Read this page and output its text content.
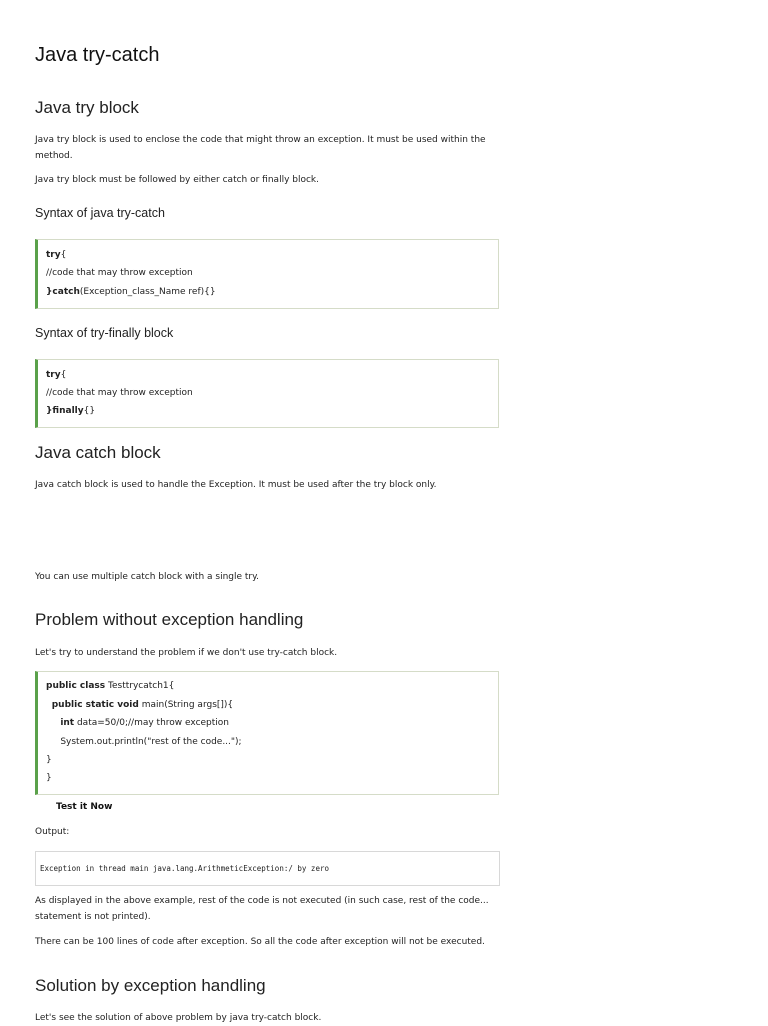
Java try-catch
Java try block
Java try block is used to enclose the code that might throw an exception. It must be used within the method.
Java try block must be followed by either catch or finally block.
Syntax of java try-catch
try{
//code that may throw exception
}catch(Exception_class_Name ref){}
Syntax of try-finally block
try{
//code that may throw exception
}finally{}
Java catch block
Java catch block is used to handle the Exception. It must be used after the try block only.
You can use multiple catch block with a single try.
Problem without exception handling
Let's try to understand the problem if we don't use try-catch block.
public class Testtrycatch1{
public static void main(String args[]){
int data=50/0;//may throw exception
System.out.println("rest of the code...");
}
}
Test it Now
Output:
Exception in thread main java.lang.ArithmeticException:/ by zero
As displayed in the above example, rest of the code is not executed (in such case, rest of the code... statement is not printed).
There can be 100 lines of code after exception. So all the code after exception will not be executed.
Solution by exception handling
Let's see the solution of above problem by java try-catch block.
